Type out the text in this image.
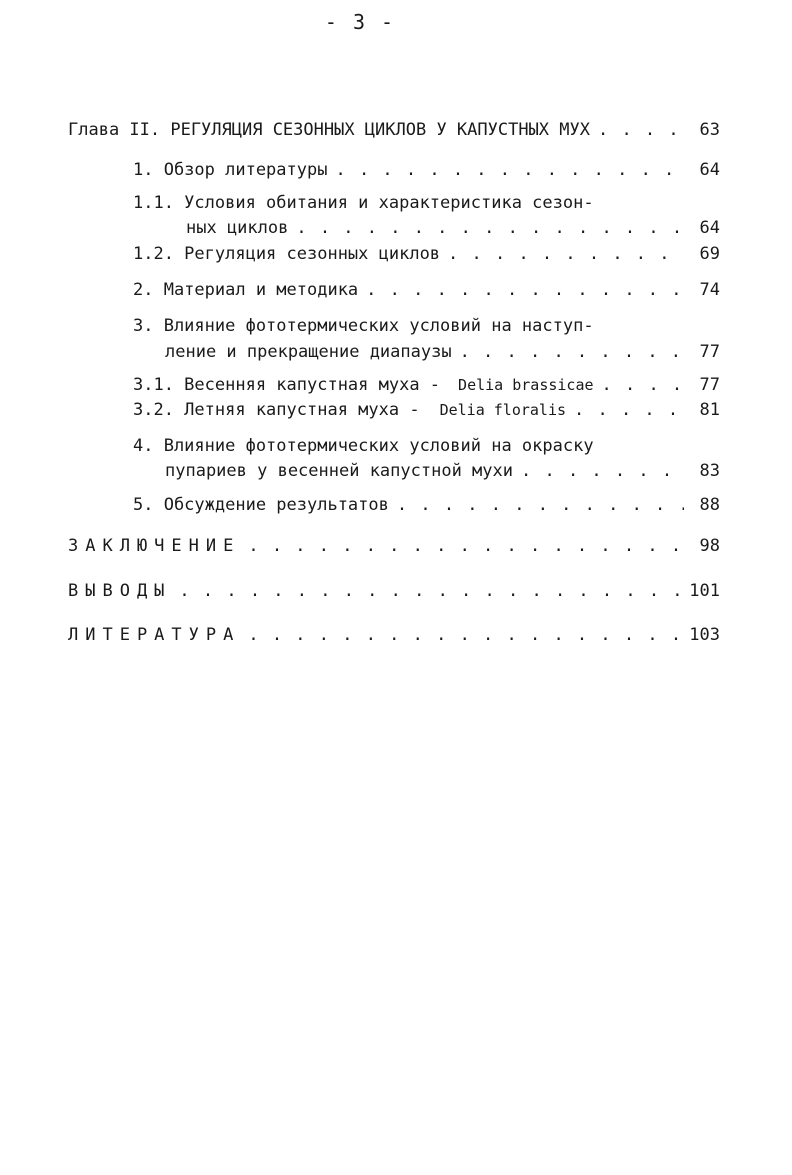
- 3 -
Глава II. РЕГУЛЯЦИЯ СЕЗОННЫХ ЦИКЛОВ У КАПУСТНЫХ МУХ . . .	63
1. Обзор литературы . . .	64
1.1. Условия обитания и характеристика сезон-
ных циклов . . .	64
1.2. Регуляция сезонных циклов . . .	69
2. Материал и методика . . .	74
3. Влияние фототермических условий на наступ-
ление и прекращение диапаузы . . .	77
3.1. Весенняя капустная муха - Delia brassicae . . .	77
3.2. Летняя капустная муха - Delia floralis . . .	81
4. Влияние фототермических условий на окраску
пупариев у весенней капустной мухи . . .	83
5. Обсуждение результатов . . .	88
ЗАКЛЮЧЕНИЕ . . .	98
ВЫВОДЫ . . .	101
ЛИТЕРАТУРА . . .	103
